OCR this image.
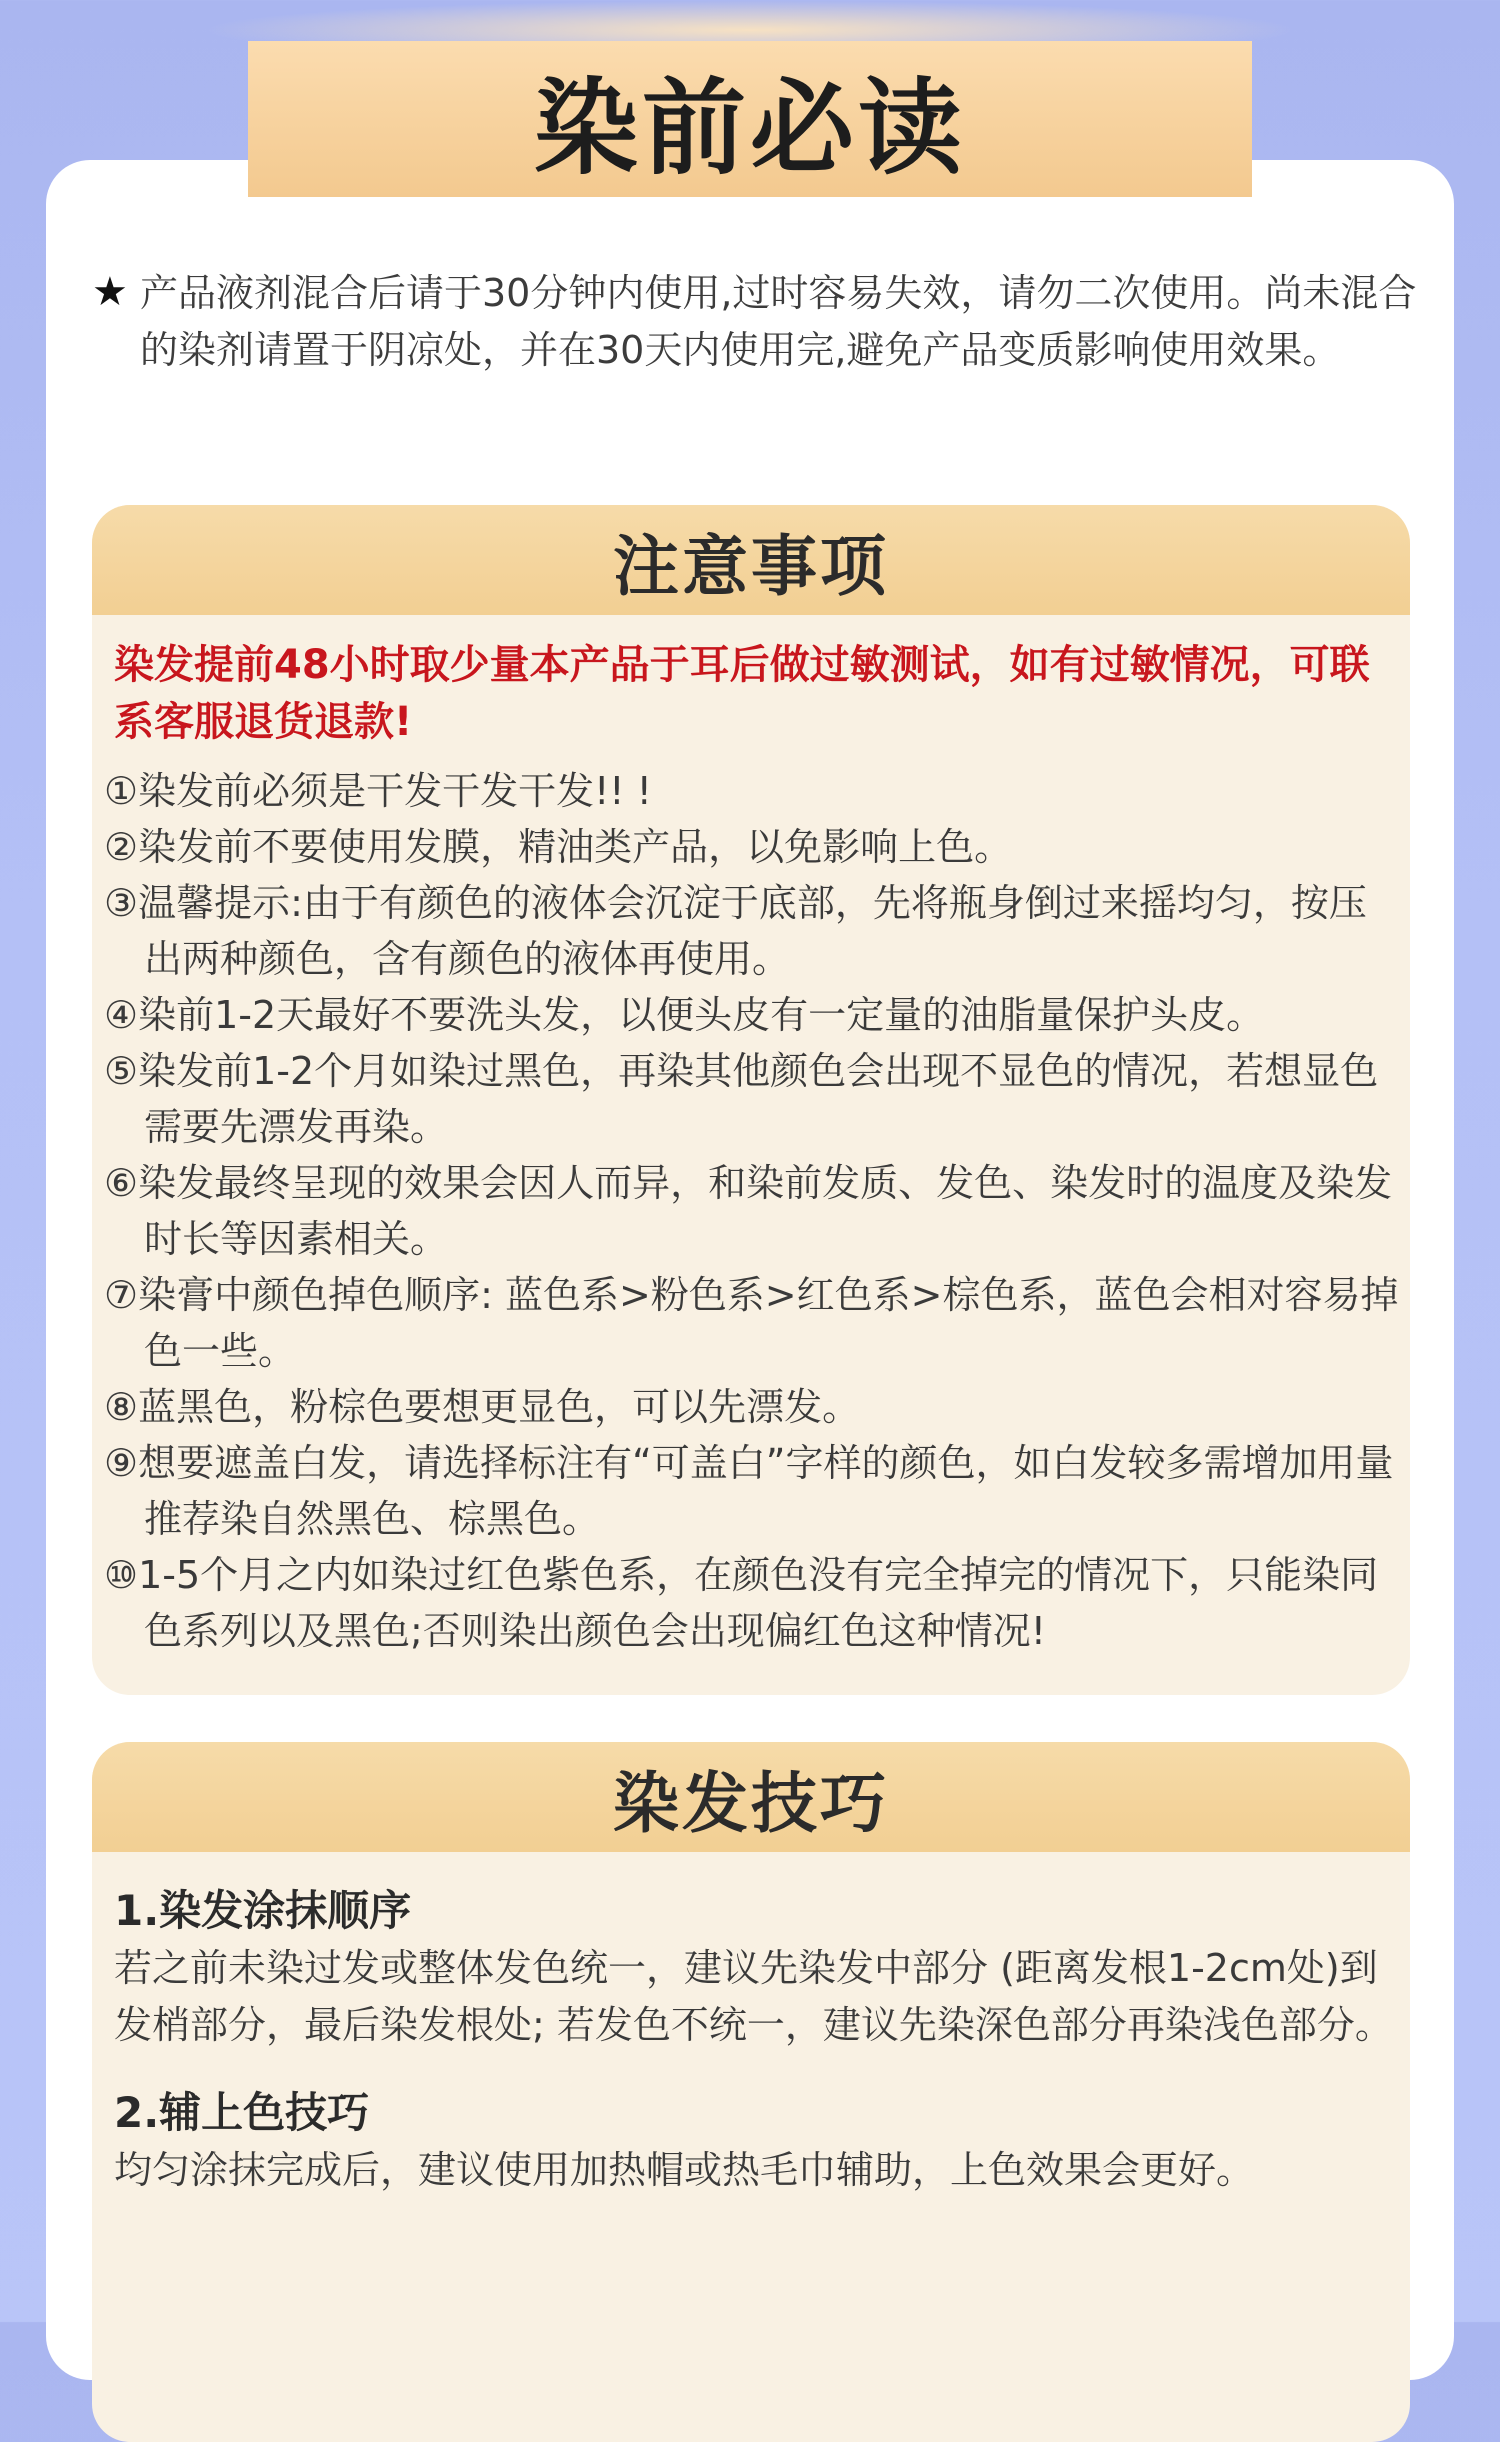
染前必读
★ 产品液剂混合后请于30分钟内使用,过时容易失效，请勿二次使用。尚未混合的染剂请置于阴凉处，并在30天内使用完,避免产品变质影响使用效果。
注意事项
染发提前48小时取少量本产品于耳后做过敏测试，如有过敏情况，可联系客服退货退款!
①染发前必须是干发干发干发!! !
②染发前不要使用发膜，精油类产品，以免影响上色。
③温馨提示:由于有颜色的液体会沉淀于底部，先将瓶身倒过来摇均匀，按压出两种颜色，含有颜色的液体再使用。
④染前1-2天最好不要洗头发，以便头皮有一定量的油脂量保护头皮。
⑤染发前1-2个月如染过黑色，再染其他颜色会出现不显色的情况，若想显色需要先漂发再染。
⑥染发最终呈现的效果会因人而异，和染前发质、发色、染发时的温度及染发时长等因素相关。
⑦染膏中颜色掉色顺序: 蓝色系>粉色系>红色系>棕色系，蓝色会相对容易掉色一些。
⑧蓝黑色，粉棕色要想更显色，可以先漂发。
⑨想要遮盖白发，请选择标注有“可盖白”字样的颜色，如白发较多需增加用量推荐染自然黑色、棕黑色。
⑩1-5个月之内如染过红色紫色系，在颜色没有完全掉完的情况下，只能染同色系列以及黑色;否则染出颜色会出现偏红色这种情况!
染发技巧
1.染发涂抹顺序

若之前未染过发或整体发色统一，建议先染发中部分 (距离发根1-2cm处)到发梢部分，最后染发根处; 若发色不统一，建议先染深色部分再染浅色部分。

2.辅上色技巧

均匀涂抹完成后，建议使用加热帽或热毛巾辅助，上色效果会更好。
